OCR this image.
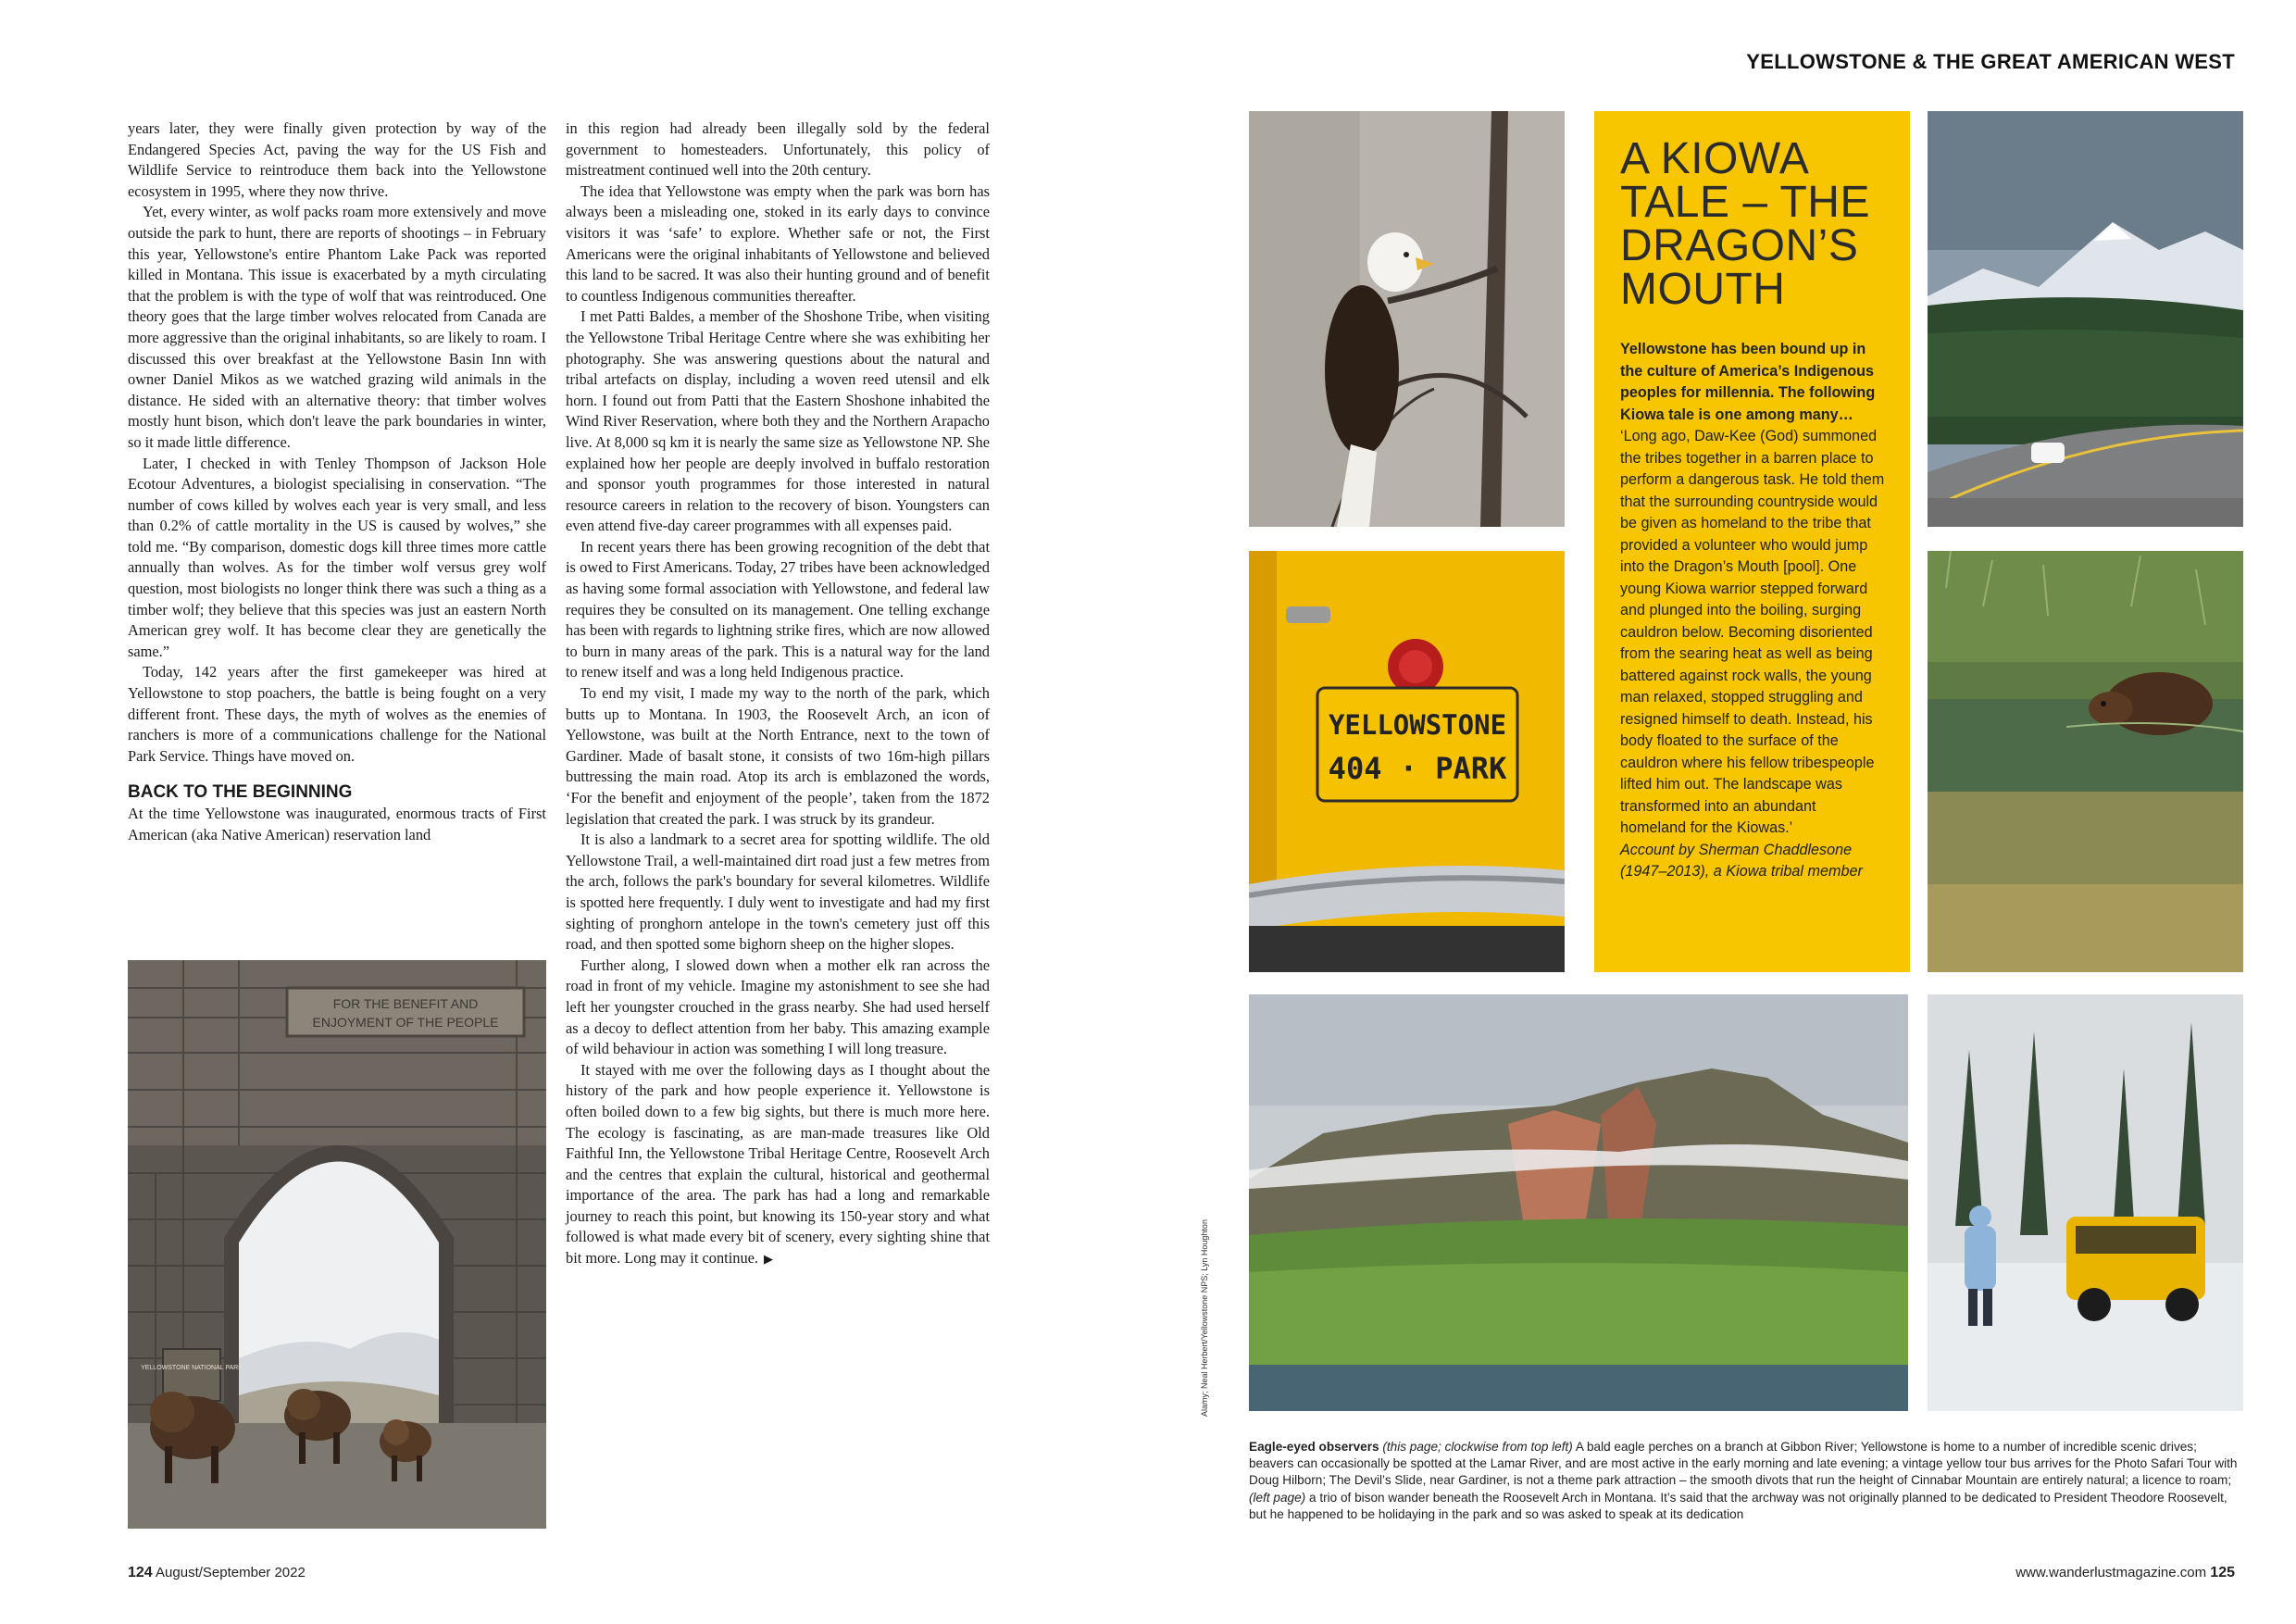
years later, they were finally given protection by way of the Endangered Species Act, paving the way for the US Fish and Wildlife Service to reintroduce them back into the Yellowstone ecosystem in 1995, where they now thrive.

Yet, every winter, as wolf packs roam more extensively and move outside the park to hunt, there are reports of shootings – in February this year, Yellowstone's entire Phantom Lake Pack was reported killed in Montana. This issue is exacerbated by a myth circulating that the problem is with the type of wolf that was reintroduced. One theory goes that the large timber wolves relocated from Canada are more aggressive than the original inhabitants, so are likely to roam. I discussed this over breakfast at the Yellowstone Basin Inn with owner Daniel Mikos as we watched grazing wild animals in the distance. He sided with an alternative theory: that timber wolves mostly hunt bison, which don't leave the park boundaries in winter, so it made little difference.

Later, I checked in with Tenley Thompson of Jackson Hole Ecotour Adventures, a biologist specialising in conservation. “The number of cows killed by wolves each year is very small, and less than 0.2% of cattle mortality in the US is caused by wolves,” she told me. “By comparison, domestic dogs kill three times more cattle annually than wolves. As for the timber wolf versus grey wolf question, most biologists no longer think there was such a thing as a timber wolf; they believe that this species was just an eastern North American grey wolf. It has become clear they are genetically the same.”

Today, 142 years after the first gamekeeper was hired at Yellowstone to stop poachers, the battle is being fought on a very different front. These days, the myth of wolves as the enemies of ranchers is more of a communications challenge for the National Park Service. Things have moved on.

BACK TO THE BEGINNING

At the time Yellowstone was inaugurated, enormous tracts of First American (aka Native American) reservation land

in this region had already been illegally sold by the federal government to homesteaders. Unfortunately, this policy of mistreatment continued well into the 20th century.

The idea that Yellowstone was empty when the park was born has always been a misleading one, stoked in its early days to convince visitors it was ‘safe’ to explore. Whether safe or not, the First Americans were the original inhabitants of Yellowstone and believed this land to be sacred. It was also their hunting ground and of benefit to countless Indigenous communities thereafter.

I met Patti Baldes, a member of the Shoshone Tribe, when visiting the Yellowstone Tribal Heritage Centre where she was exhibiting her photography. She was answering questions about the natural and tribal artefacts on display, including a woven reed utensil and elk horn. I found out from Patti that the Eastern Shoshone inhabited the Wind River Reservation, where both they and the Northern Arapacho live. At 8,000 sq km it is nearly the same size as Yellowstone NP. She explained how her people are deeply involved in buffalo restoration and sponsor youth programmes for those interested in natural resource careers in relation to the recovery of bison. Youngsters can even attend five-day career programmes with all expenses paid.

In recent years there has been growing recognition of the debt that is owed to First Americans. Today, 27 tribes have been acknowledged as having some formal association with Yellowstone, and federal law requires they be consulted on its management. One telling exchange has been with regards to lightning strike fires, which are now allowed to burn in many areas of the park. This is a natural way for the land to renew itself and was a long held Indigenous practice.

To end my visit, I made my way to the north of the park, which butts up to Montana. In 1903, the Roosevelt Arch, an icon of Yellowstone, was built at the North Entrance, next to the town of Gardiner. Made of basalt stone, it consists of two 16m-high pillars buttressing the main road. Atop its arch is emblazoned the words, ‘For the benefit and enjoyment of the people’, taken from the 1872 legislation that created the park. I was struck by its grandeur.

It is also a landmark to a secret area for spotting wildlife. The old Yellowstone Trail, a well-maintained dirt road just a few metres from the arch, follows the park's boundary for several kilometres. Wildlife is spotted here frequently. I duly went to investigate and had my first sighting of pronghorn antelope in the town's cemetery just off this road, and then spotted some bighorn sheep on the higher slopes.

Further along, I slowed down when a mother elk ran across the road in front of my vehicle. Imagine my astonishment to see she had left her youngster crouched in the grass nearby. She had used herself as a decoy to deflect attention from her baby. This amazing example of wild behaviour in action was something I will long treasure.

It stayed with me over the following days as I thought about the history of the park and how people experience it. Yellowstone is often boiled down to a few big sights, but there is much more here. The ecology is fascinating, as are man-made treasures like Old Faithful Inn, the Yellowstone Tribal Heritage Centre, Roosevelt Arch and the centres that explain the cultural, historical and geothermal importance of the area. The park has had a long and remarkable journey to reach this point, but knowing its 150-year story and what followed is what made every bit of scenery, every sighting shine that bit more. Long may it continue. ▶

FOR THE BENEFIT AND
ENJOYMENT OF THE PEOPLE
YELLOWSTONE NATIONAL PARK
124 August/September 2022
YELLOWSTONE & THE GREAT AMERICAN WEST
YELLOWSTONE
404 · PARK
A KIOWA
TALE – THE
DRAGON’S
MOUTH
Yellowstone has been bound up in the culture of America’s Indigenous peoples for millennia. The following Kiowa tale is one among many…
‘Long ago, Daw-Kee (God) summoned the tribes together in a barren place to perform a dangerous task. He told them that the surrounding countryside would be given as homeland to the tribe that provided a volunteer who would jump into the Dragon’s Mouth [pool]. One young Kiowa warrior stepped forward and plunged into the boiling, surging cauldron below. Becoming disoriented from the searing heat as well as being battered against rock walls, the young man relaxed, stopped struggling and resigned himself to death. Instead, his body floated to the surface of the cauldron where his fellow tribespeople lifted him out. The landscape was transformed into an abundant homeland for the Kiowas.’
Account by Sherman Chaddlesone (1947–2013), a Kiowa tribal member
Alamy; Neal Herbert/Yellowstone NPS; Lyn Houghton
Eagle-eyed observers (this page; clockwise from top left) A bald eagle perches on a branch at Gibbon River; Yellowstone is home to a number of incredible scenic drives; beavers can occasionally be spotted at the Lamar River, and are most active in the early morning and late evening; a vintage yellow tour bus arrives for the Photo Safari Tour with Doug Hilborn; The Devil’s Slide, near Gardiner, is not a theme park attraction – the smooth divots that run the height of Cinnabar Mountain are entirely natural; a licence to roam; (left page) a trio of bison wander beneath the Roosevelt Arch in Montana. It’s said that the archway was not originally planned to be dedicated to President Theodore Roosevelt, but he happened to be holidaying in the park and so was asked to speak at its dedication
www.wanderlustmagazine.com 125
